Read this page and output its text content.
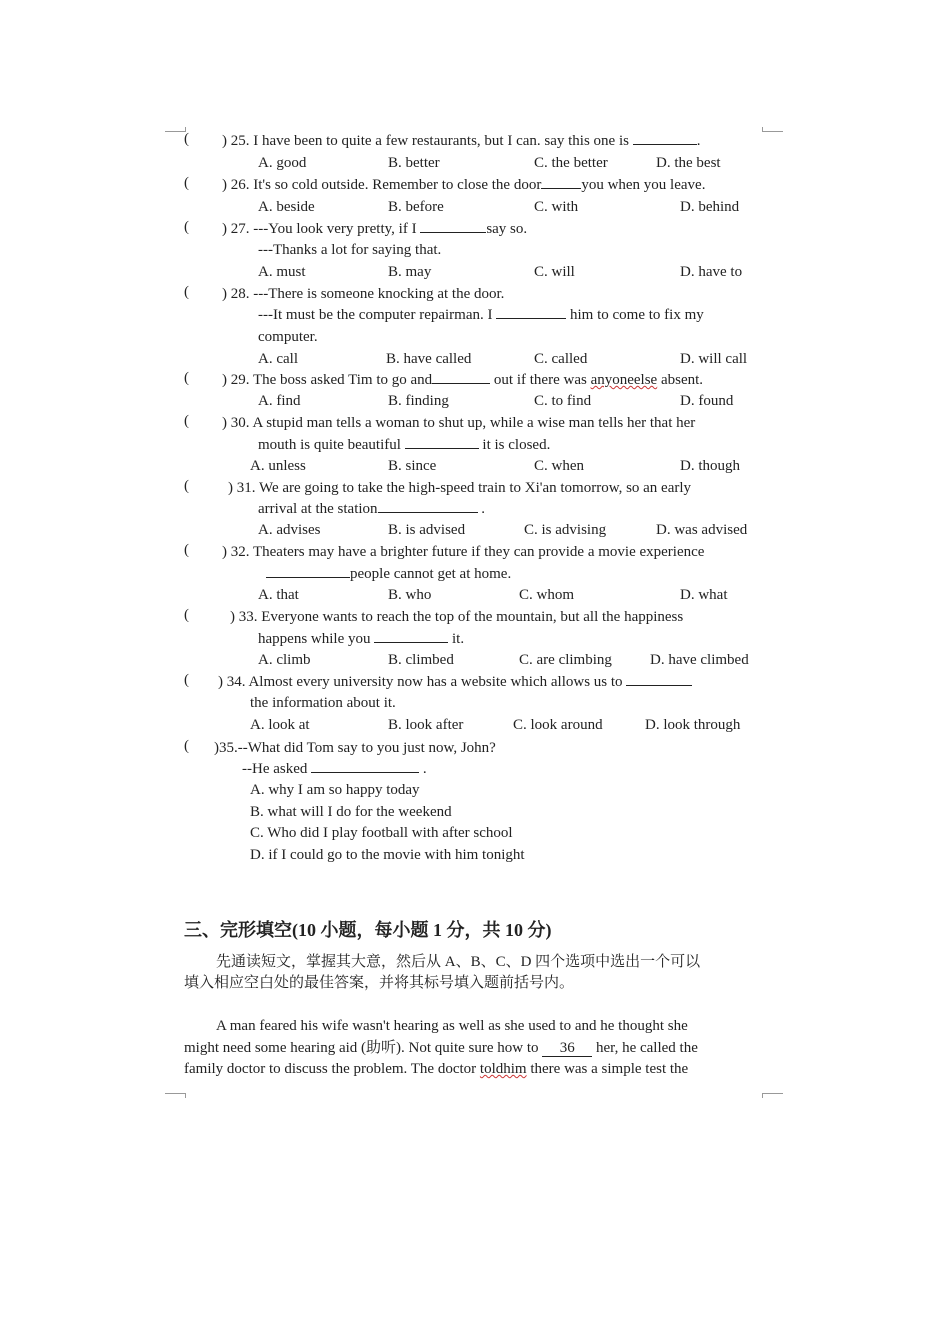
( ) 25. I have been to quite a few restaurants, but I can. say this one is	.
A. good	B. better	C. the better	D. the best
( ) 26. It's so cold outside. Remember to close the door	you when you leave.
A. beside	B. before	C. with	D. behind
( ) 27. ---You look very pretty, if I	say so.
---Thanks a lot for saying that.
A. must	B. may	C. will	D. have to
( ) 28. ---There is someone knocking at the door.
---It must be the computer repairman. I	him to come to fix my
computer.
A. call	B. have called	C. called	D. will call
( ) 29. The boss asked Tim to go and	out if there was anyoneelse absent.
A. find	B. finding	C. to find	D. found
( ) 30. A stupid man tells a woman to shut up, while a wise man tells her that her
mouth is quite beautiful	it is closed.
A. unless	B. since	C. when	D. though
(	) 31. We are going to take the high-speed train to Xi'an tomorrow, so an early
arrival at the station	.
A. advises	B. is advised	C. is advising	D. was advised
( ) 32. Theaters may have a brighter future if they can provide a movie experience
people cannot get at home.
A. that	B. who	C. whom	D. what
(	) 33. Everyone wants to reach the top of the mountain, but all the happiness
happens while you	it.
A. climb	B. climbed	C. are climbing	D. have climbed
( ) 34. Almost every university now has a website which allows us to
the information about it.
A. look at	B. look after	C. look around	D. look through
( )35.--What did Tom say to you just now, John?
--He asked	.
A. why I am so happy today
B. what will I do for the weekend
C. Who did I play football with after school
D. if I could go to the movie with him tonight
三、完形填空(10 小题，每小题 1 分，共 10 分)
先通读短文，掌握其大意，然后从 A、B、C、D 四个选项中选出一个可以
填入相应空白处的最佳答案，并将其标号填入题前括号内。
A man feared his wife wasn't hearing as well as she used to and he thought she
might need some hearing aid (助听). Not quite sure how to 36 her, he called the
family doctor to discuss the problem. The doctor toldhim there was a simple test the
